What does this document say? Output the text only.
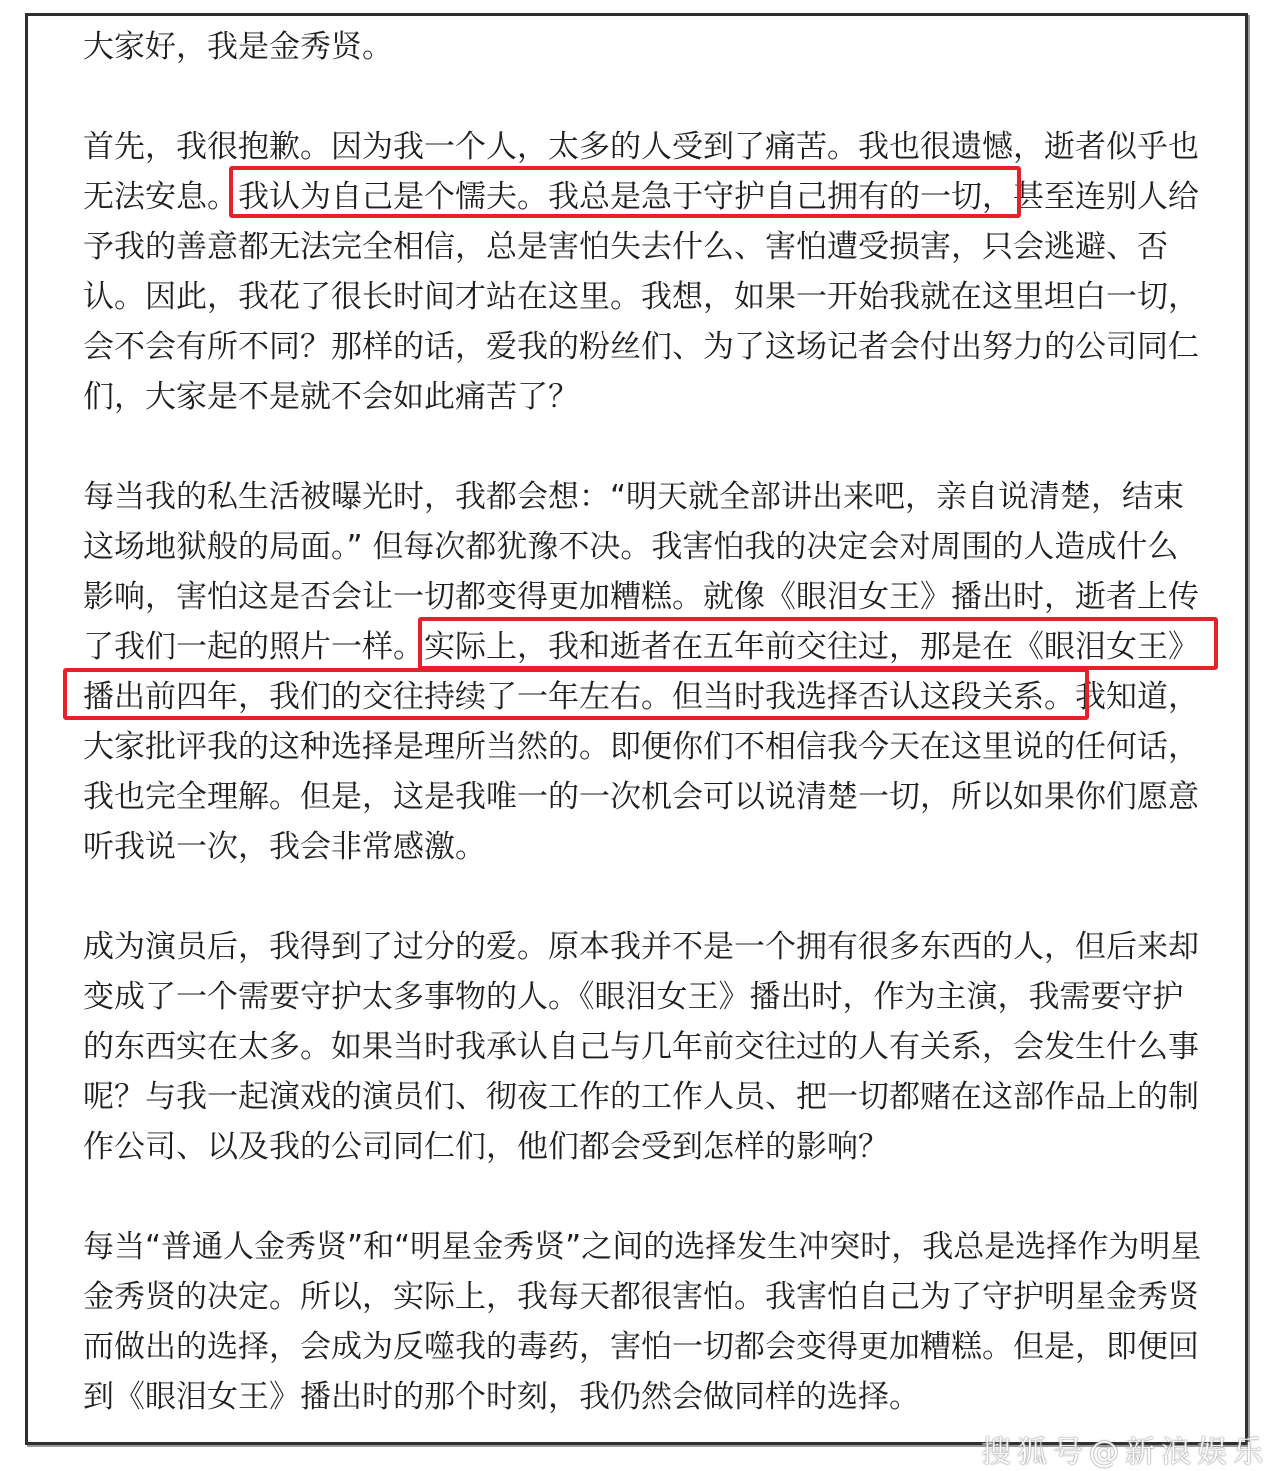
大家好，我是金秀贤。
首先，我很抱歉。因为我一个人，太多的人受到了痛苦。我也很遗憾，逝者似乎也
无法安息。我认为自己是个懦夫。我总是急于守护自己拥有的一切，甚至连别人给
予我的善意都无法完全相信，总是害怕失去什么、害怕遭受损害，只会逃避、否
认。因此，我花了很长时间才站在这里。我想，如果一开始我就在这里坦白一切，
会不会有所不同？那样的话，爱我的粉丝们、为了这场记者会付出努力的公司同仁
们，大家是不是就不会如此痛苦了？
每当我的私生活被曝光时，我都会想：“明天就全部讲出来吧，亲自说清楚，结束
这场地狱般的局面。” 但每次都犹豫不决。我害怕我的决定会对周围的人造成什么
影响，害怕这是否会让一切都变得更加糟糕。就像《眼泪女王》播出时，逝者上传
了我们一起的照片一样。实际上，我和逝者在五年前交往过，那是在《眼泪女王》
播出前四年，我们的交往持续了一年左右。但当时我选择否认这段关系。我知道，
大家批评我的这种选择是理所当然的。即便你们不相信我今天在这里说的任何话，
我也完全理解。但是，这是我唯一的一次机会可以说清楚一切，所以如果你们愿意
听我说一次，我会非常感激。
成为演员后，我得到了过分的爱。原本我并不是一个拥有很多东西的人，但后来却
变成了一个需要守护太多事物的人。《眼泪女王》播出时，作为主演，我需要守护
的东西实在太多。如果当时我承认自己与几年前交往过的人有关系，会发生什么事
呢？与我一起演戏的演员们、彻夜工作的工作人员、把一切都赌在这部作品上的制
作公司、以及我的公司同仁们，他们都会受到怎样的影响？
每当“普通人金秀贤”和“明星金秀贤”之间的选择发生冲突时，我总是选择作为明星
金秀贤的决定。所以，实际上，我每天都很害怕。我害怕自己为了守护明星金秀贤
而做出的选择，会成为反噬我的毒药，害怕一切都会变得更加糟糕。但是，即便回
到《眼泪女王》播出时的那个时刻，我仍然会做同样的选择。
搜狐号@新浪娱乐
